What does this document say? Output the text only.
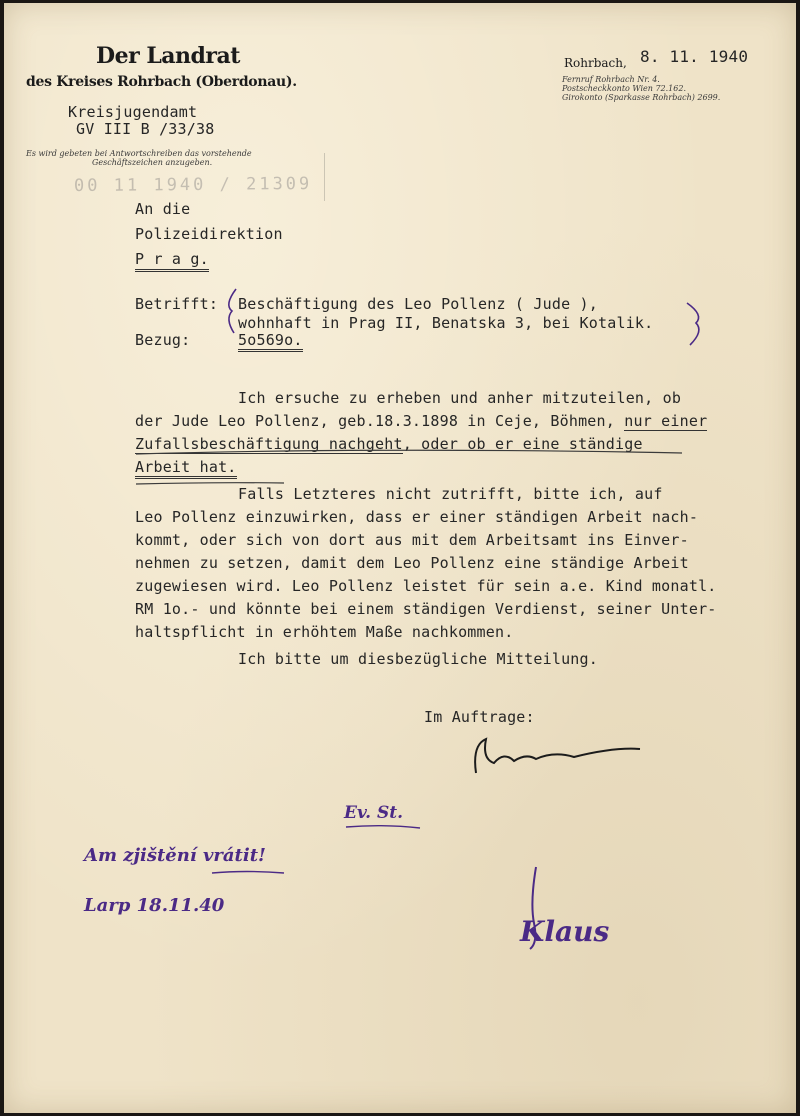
Der Landrat
des Kreises Rohrbach (Oberdonau).
Kreisjugendamt
GV III B /33/38
Es wird gebeten bei Antwortschreiben das vorstehende
Geschäftszeichen anzugeben.
00 11 1940 / 21309
Rohrbach, 8. 11. 1940
Fernruf Rohrbach Nr. 4.
Postscheckkonto Wien 72.162.
Girokonto (Sparkasse Rohrbach) 2699.
An die
Polizeidirektion
P r a g.
Betrifft: Beschäftigung des Leo Pollenz ( Jude ),
wohnhaft in Prag II, Benatska 3, bei Kotalik.
Bezug:	5o569o.
Ich ersuche zu erheben und anher mitzuteilen, ob
der Jude Leo Pollenz, geb.18.3.1898 in Ceje, Böhmen, nur einer
Zufallsbeschäftigung nachgeht, oder ob er eine ständige
Arbeit hat.
Falls Letzteres nicht zutrifft, bitte ich, auf
Leo Pollenz einzuwirken, dass er einer ständigen Arbeit nach-
kommt, oder sich von dort aus mit dem Arbeitsamt ins Einver-
nehmen zu setzen, damit dem Leo Pollenz eine ständige Arbeit
zugewiesen wird. Leo Pollenz leistet für sein a.e. Kind monatl.
RM 1o.- und könnte bei einem ständigen Verdienst, seiner Unter-
haltspflicht in erhöhtem Maße nachkommen.
Ich bitte um diesbezügliche Mitteilung.
Im Auftrage:
Ev. St.
Am zjištění vrátit!
Larp 18.11.40
Klaus
